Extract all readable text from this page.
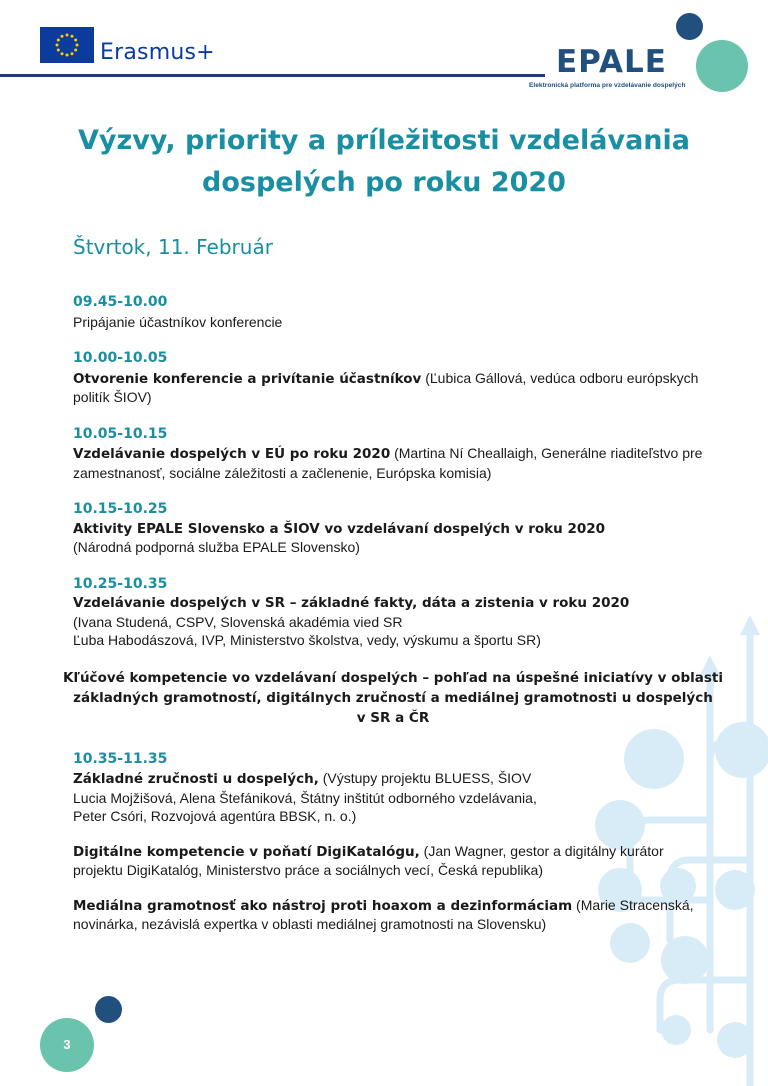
Erasmus+	EPALE
Elektronická platforma pre vzdelávanie dospelých
Výzvy, priority a príležitosti vzdelávania dospelých po roku 2020
Štvrtok, 11. Február
09.45-10.00
Pripájanie účastníkov konferencie
10.00-10.05
Otvorenie konferencie a privítanie účastníkov (Ľubica Gállová, vedúca odboru európskych politík ŠIOV)
10.05-10.15
Vzdelávanie dospelých v EÚ po roku 2020 (Martina Ní Cheallaigh, Generálne riaditeľstvo pre zamestnanosť, sociálne záležitosti a začlenenie, Európska komisia)
10.15-10.25
Aktivity EPALE Slovensko a ŠIOV vo vzdelávaní dospelých v roku 2020
(Národná podporná služba EPALE Slovensko)
10.25-10.35
Vzdelávanie dospelých v SR – základné fakty, dáta a zistenia v roku 2020
(Ivana Studená, CSPV, Slovenská akadémia vied SR
Ľuba Habodászová, IVP, Ministerstvo školstva, vedy, výskumu a športu SR)
Kľúčové kompetencie vo vzdelávaní dospelých – pohľad na úspešné iniciatívy v oblasti
základných gramotností, digitálnych zručností a mediálnej gramotnosti u dospelých
v SR a ČR
10.35-11.35
Základné zručnosti u dospelých, (Výstupy projektu BLUESS, ŠIOV
Lucia Mojžišová, Alena Štefániková, Štátny inštitút odborného vzdelávania,
Peter Csóri, Rozvojová agentúra BBSK, n. o.)
Digitálne kompetencie v poňatí DigiKatalógu, (Jan Wagner, gestor a digitálny kurátor projektu DigiKatalóg, Ministerstvo práce a sociálnych vecí, Česká republika)
Mediálna gramotnosť ako nástroj proti hoaxom a dezinformáciam (Marie Stracenská, novinárka, nezávislá expertka v oblasti mediálnej gramotnosti na Slovensku)
3
